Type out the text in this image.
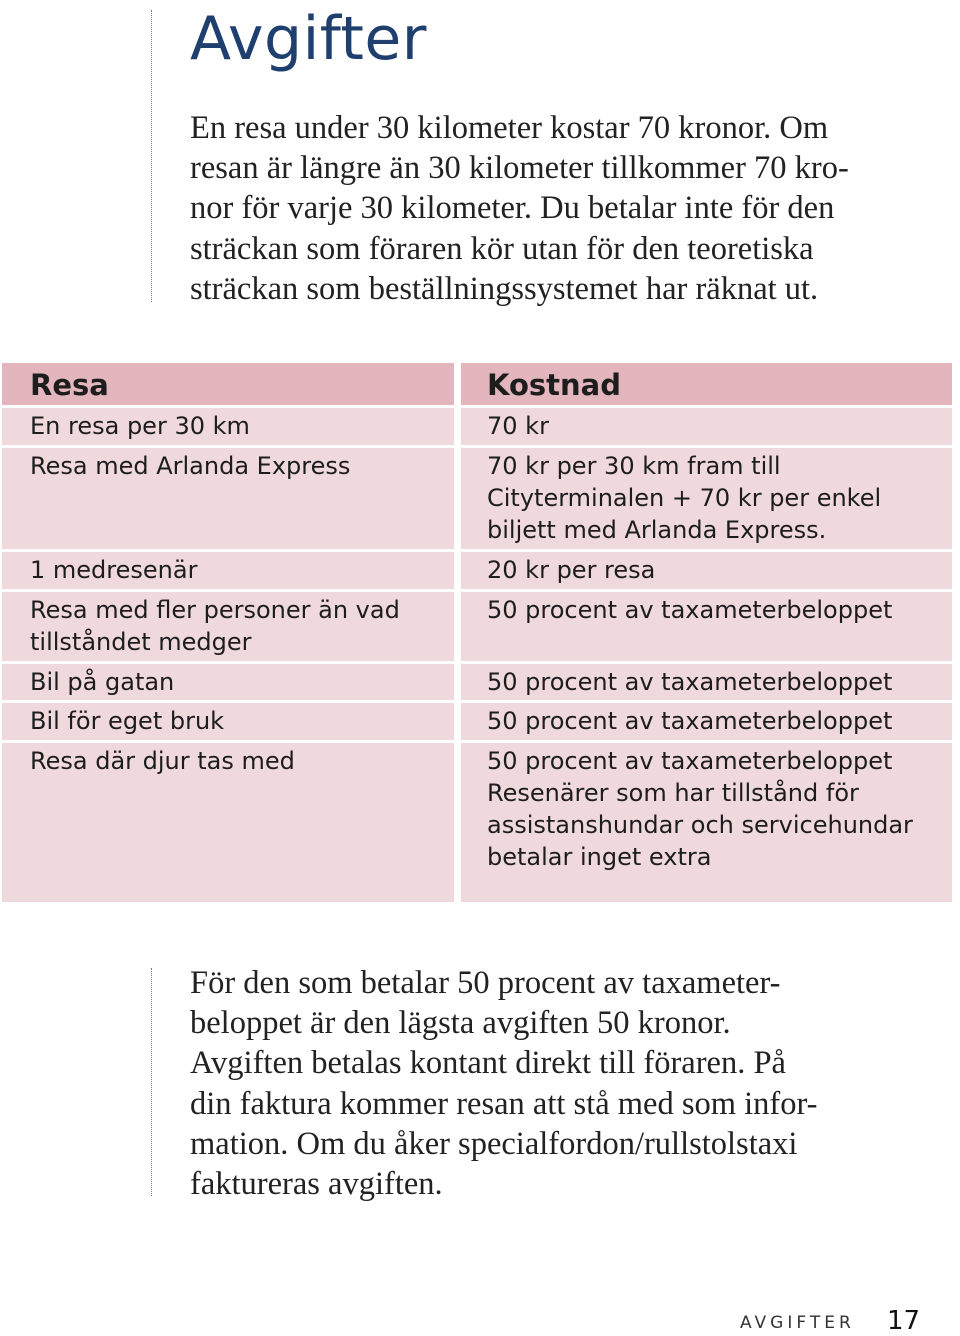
Avgifter

En resa under 30 kilometer kostar 70 kronor. Om
resan är längre än 30 kilometer tillkommer 70 kro-
nor för varje 30 kilometer. Du betalar inte för den
sträckan som föraren kör utan för den teoretiska
sträckan som beställningssystemet har räknat ut.

Resa
En resa per 30 km
Resa med Arlanda Express
1 medresenär
Resa med fler personer än vad
tillståndet medger
Bil på gatan
Bil för eget bruk
Resa där djur tas med
Kostnad
70 kr
70 kr per 30 km fram till
Cityterminalen + 70 kr per enkel
biljett med Arlanda Express.
20 kr per resa
50 procent av taxameterbeloppet
50 procent av taxameterbeloppet
50 procent av taxameterbeloppet
50 procent av taxameterbeloppet
Resenärer som har tillstånd för
assistanshundar och servicehundar
betalar inget extra

För den som betalar 50 procent av taxameter-
beloppet är den lägsta avgiften 50 kronor.
Avgiften betalas kontant direkt till föraren. På
din faktura kommer resan att stå med som infor-
mation. Om du åker specialfordon/rullstolstaxi
faktureras avgiften.

AVGIFTER 17
